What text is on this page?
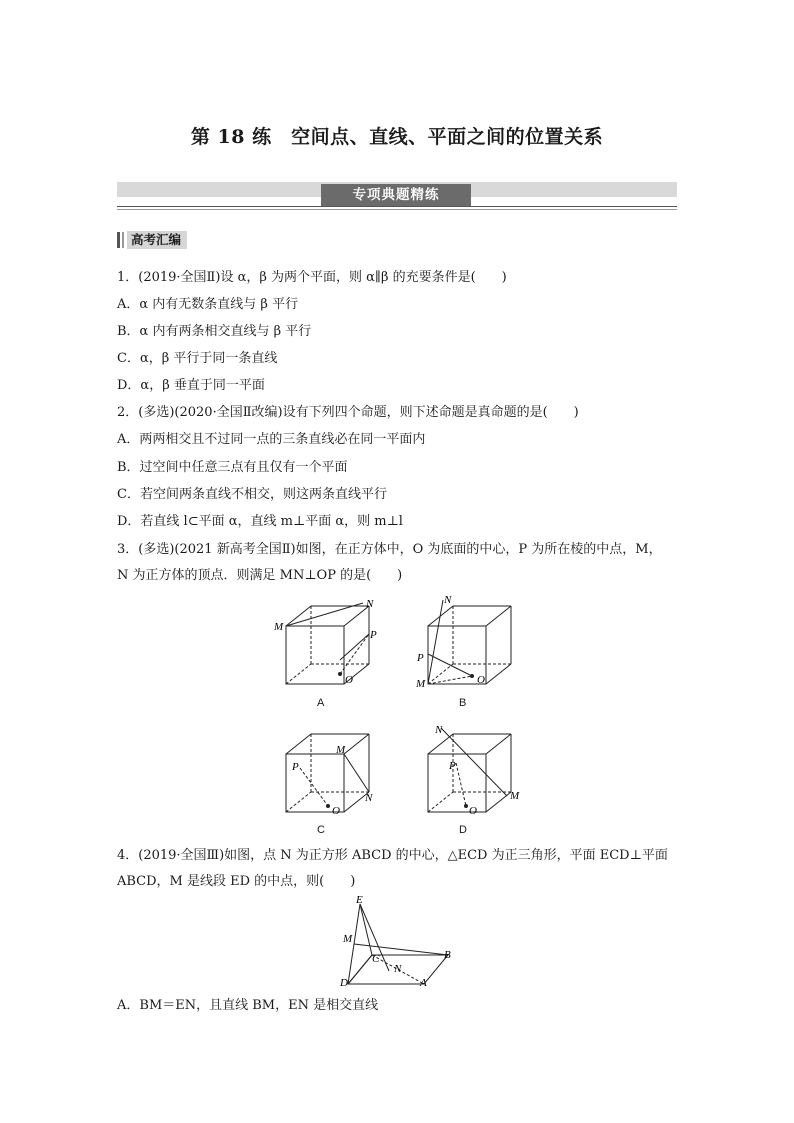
第 18 练　空间点、直线、平面之间的位置关系
专项典题精练
高考汇编
1．(2019·全国Ⅱ)设 α，β 为两个平面，则 α∥β 的充要条件是(　　)
A．α 内有无数条直线与 β 平行
B．α 内有两条相交直线与 β 平行
C．α，β 平行于同一条直线
D．α，β 垂直于同一平面
2．(多选)(2020·全国Ⅱ改编)设有下列四个命题，则下述命题是真命题的是(　　)
A．两两相交且不过同一点的三条直线必在同一平面内
B．过空间中任意三点有且仅有一个平面
C．若空间两条直线不相交，则这两条直线平行
D．若直线 l⊂平面 α，直线 m⊥平面 α，则 m⊥l
3．(多选)(2021 新高考全国Ⅱ)如图，在正方体中，O 为底面的中心，P 为所在棱的中点，M，
N 为正方体的顶点．则满足 MN⊥OP 的是(　　)
M
N
P
O
A
N
P
M	O
B
M
P
N
O
C
N
P
M
O
D
4．(2019·全国Ⅲ)如图，点 N 为正方形 ABCD 的中心，△ECD 为正三角形，平面 ECD⊥平面
ABCD，M 是线段 ED 的中点，则(　　)
E
M
C
N
B
D	A
A．BM＝EN，且直线 BM，EN 是相交直线
